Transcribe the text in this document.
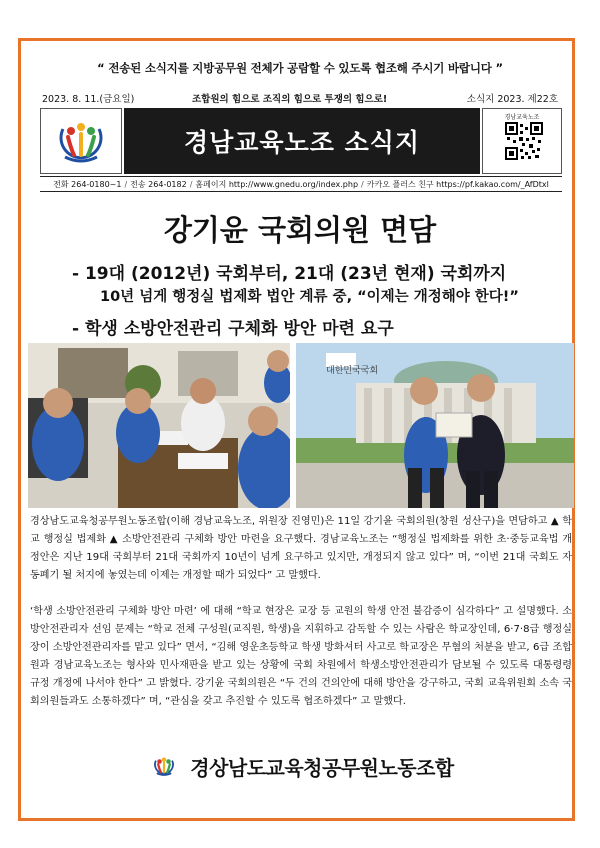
“ 전송된 소식지를 지방공무원 전체가 공람할 수 있도록 협조해 주시기 바랍니다 ”
2023. 8. 11.(금요일)	조합원의 힘으로 조직의 힘으로 투쟁의 힘으로!	소식지 2023. 제22호
경남교육노조 소식지
경남교육노조
전화 264-0180~1 / 전송 264-0182 / 홈페이지 http://www.gnedu.org/index.php / 카카오 플러스 친구 https://pf.kakao.com/_AfDtxl
강기윤 국회의원 면담
- 19대 (2012년) 국회부터, 21대 (23년 현재) 국회까지
10년 넘게 행정실 법제화 법안 계류 중, “이제는 개정해야 한다!”
- 학생 소방안전관리 구체화 방안 마련 요구
대한민국국회
경상남도교육청공무원노동조합(이해 경남교육노조, 위원장 진영민)은 11일 강기윤 국회의원(창원 성산구)을 면담하고 ▲ 학교 행정실 법제화 ▲ 소방안전관리 구체화 방안 마련을 요구했다. 경남교육노조는 “행정실 법제화를 위한 초·중등교육법 개정안은 지난 19대 국회부터 21대 국회까지 10년이 넘게 요구하고 있지만, 개정되지 않고 있다” 며, “이번 21대 국회도 자동폐기 될 처지에 놓였는데 이제는 개정할 때가 되었다” 고 말했다.
‘학생 소방안전관리 구체화 방안 마련’ 에 대해 “학교 현장은 교장 등 교원의 학생 안전 불감증이 심각하다” 고 설명했다. 소방안전관리자 선임 문제는 “학교 전체 구성원(교직원, 학생)을 지휘하고 감독할 수 있는 사람은 학교장인데, 6·7·8급 행정실장이 소방안전관리자를 맡고 있다” 면서, “김해 영운초등학교 학생 방화셔터 사고로 학교장은 무혐의 처분을 받고, 6급 조합원과 경남교육노조는 형사와 민사재판을 받고 있는 상황에 국회 차원에서 학생소방안전관리가 담보될 수 있도록 대통령령 규정 개정에 나서야 한다” 고 밝혔다. 강기윤 국회의원은 “두 건의 건의안에 대해 방안을 강구하고, 국회 교육위원회 소속 국회의원들과도 소통하겠다” 며, “관심을 갖고 추진할 수 있도록 협조하겠다” 고 말했다.
경상남도교육청공무원노동조합
